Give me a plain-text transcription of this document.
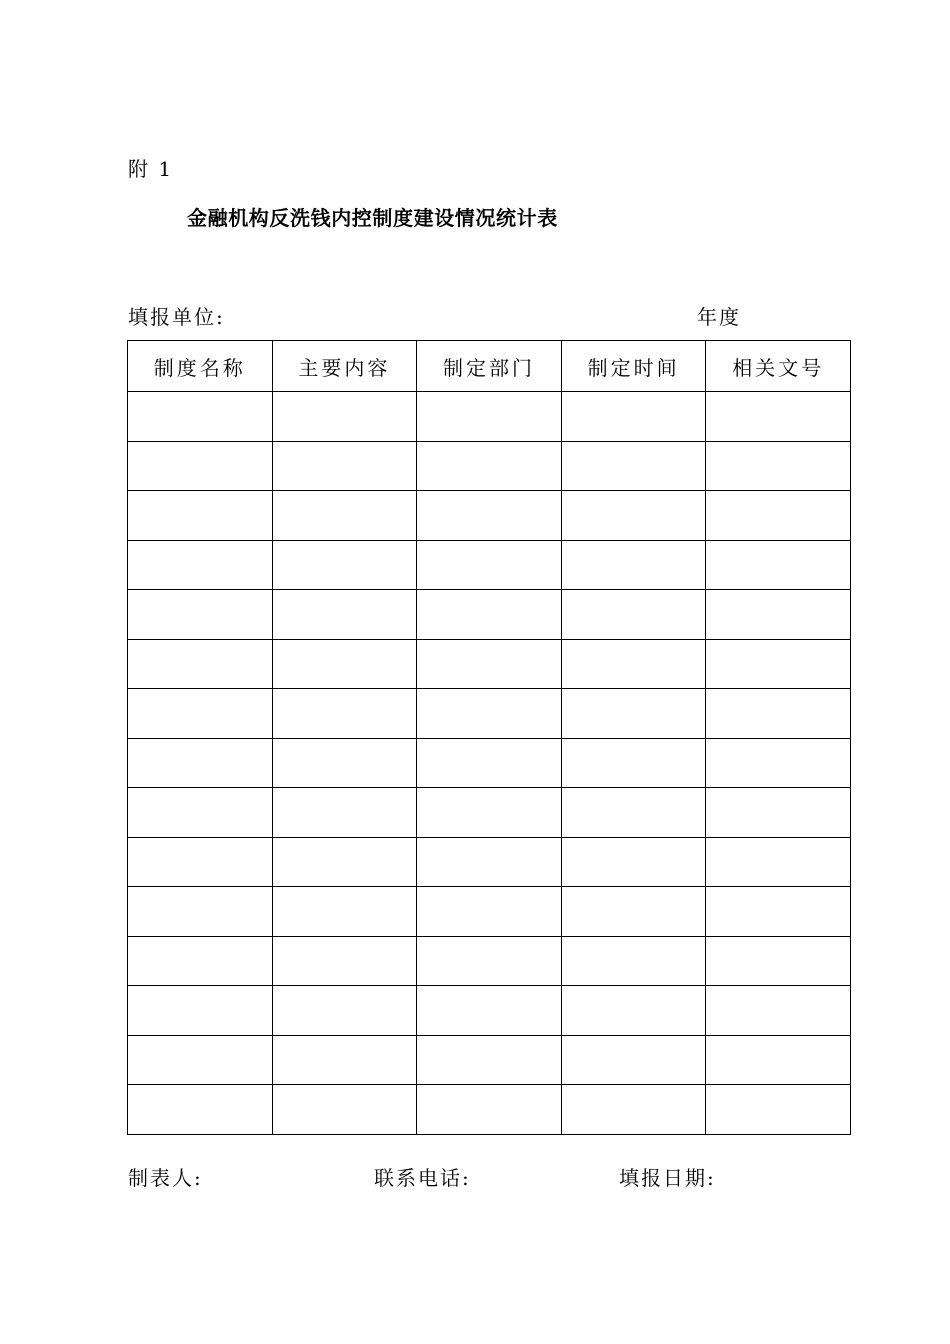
附 1
金融机构反洗钱内控制度建设情况统计表
填报单位:	年度
制度名称	主要内容	制定部门	制定时间	相关文号

制表人:	联系电话:	填报日期:
